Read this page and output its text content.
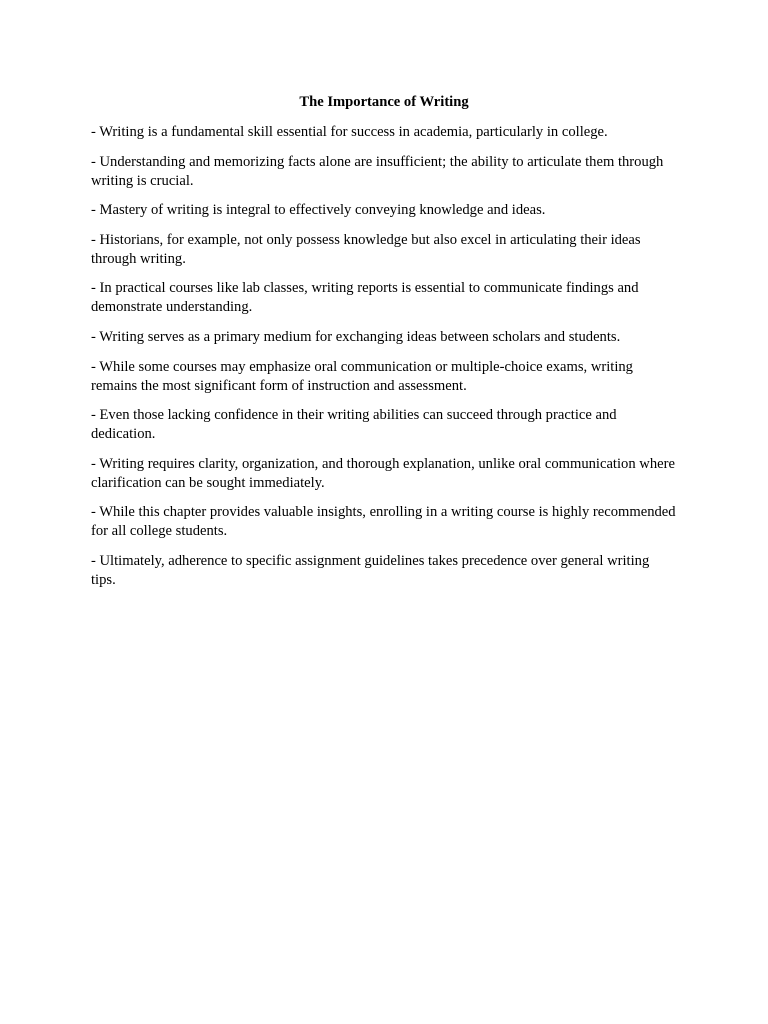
The Importance of Writing
- Writing is a fundamental skill essential for success in academia, particularly in college.
- Understanding and memorizing facts alone are insufficient; the ability to articulate them through writing is crucial.
- Mastery of writing is integral to effectively conveying knowledge and ideas.
- Historians, for example, not only possess knowledge but also excel in articulating their ideas through writing.
- In practical courses like lab classes, writing reports is essential to communicate findings and demonstrate understanding.
- Writing serves as a primary medium for exchanging ideas between scholars and students.
- While some courses may emphasize oral communication or multiple-choice exams, writing remains the most significant form of instruction and assessment.
- Even those lacking confidence in their writing abilities can succeed through practice and dedication.
- Writing requires clarity, organization, and thorough explanation, unlike oral communication where clarification can be sought immediately.
- While this chapter provides valuable insights, enrolling in a writing course is highly recommended for all college students.
- Ultimately, adherence to specific assignment guidelines takes precedence over general writing tips.
